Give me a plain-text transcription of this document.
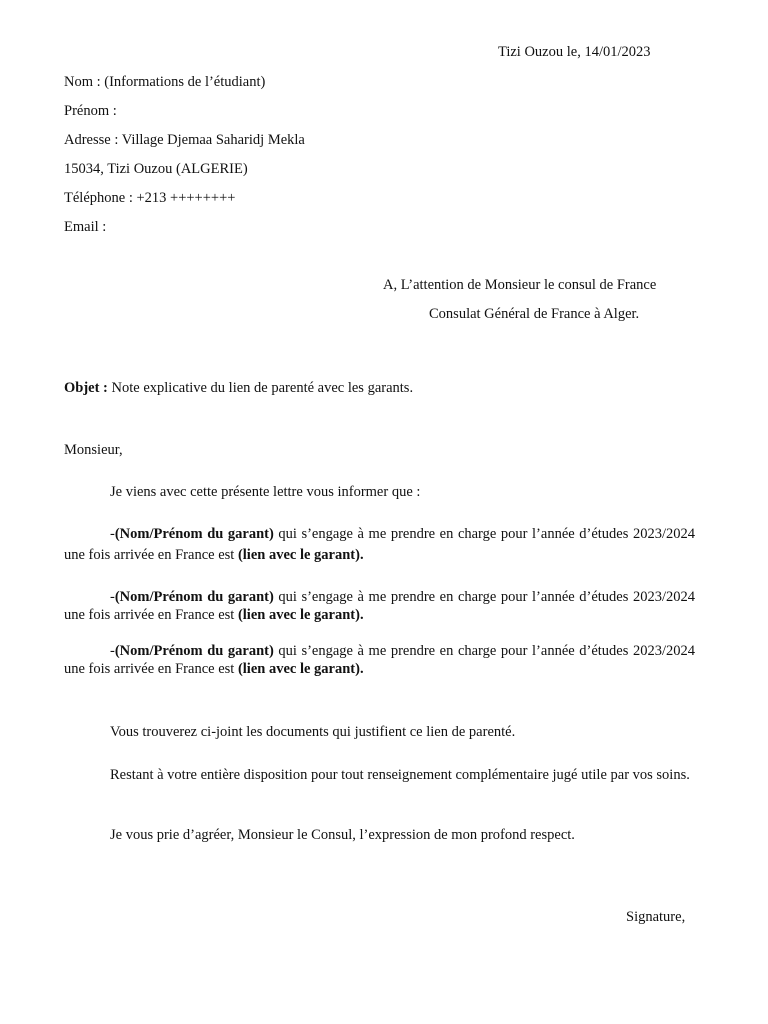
Tizi Ouzou le, 14/01/2023
Nom : (Informations de l’étudiant)
Prénom :
Adresse : Village Djemaa Saharidj Mekla
15034, Tizi Ouzou (ALGERIE)
Téléphone : +213 ++++++++
Email :
A, L’attention de Monsieur le consul de France
Consulat Général de France à Alger.
Objet : Note explicative du lien de parenté avec les garants.
Monsieur,
Je viens avec cette présente lettre vous informer que :
-(Nom/Prénom du garant) qui s’engage à me prendre en charge pour l’année d’études 2023/2024 une fois arrivée en France est (lien avec le garant).
-(Nom/Prénom du garant) qui s’engage à me prendre en charge pour l’année d’études 2023/2024 une fois arrivée en France est (lien avec le garant).
-(Nom/Prénom du garant) qui s’engage à me prendre en charge pour l’année d’études 2023/2024 une fois arrivée en France est (lien avec le garant).
Vous trouverez ci-joint les documents qui justifient ce lien de parenté.
Restant à votre entière disposition pour tout renseignement complémentaire jugé utile par vos soins.
Je vous prie d’agréer, Monsieur le Consul, l’expression de mon profond respect.
Signature,
